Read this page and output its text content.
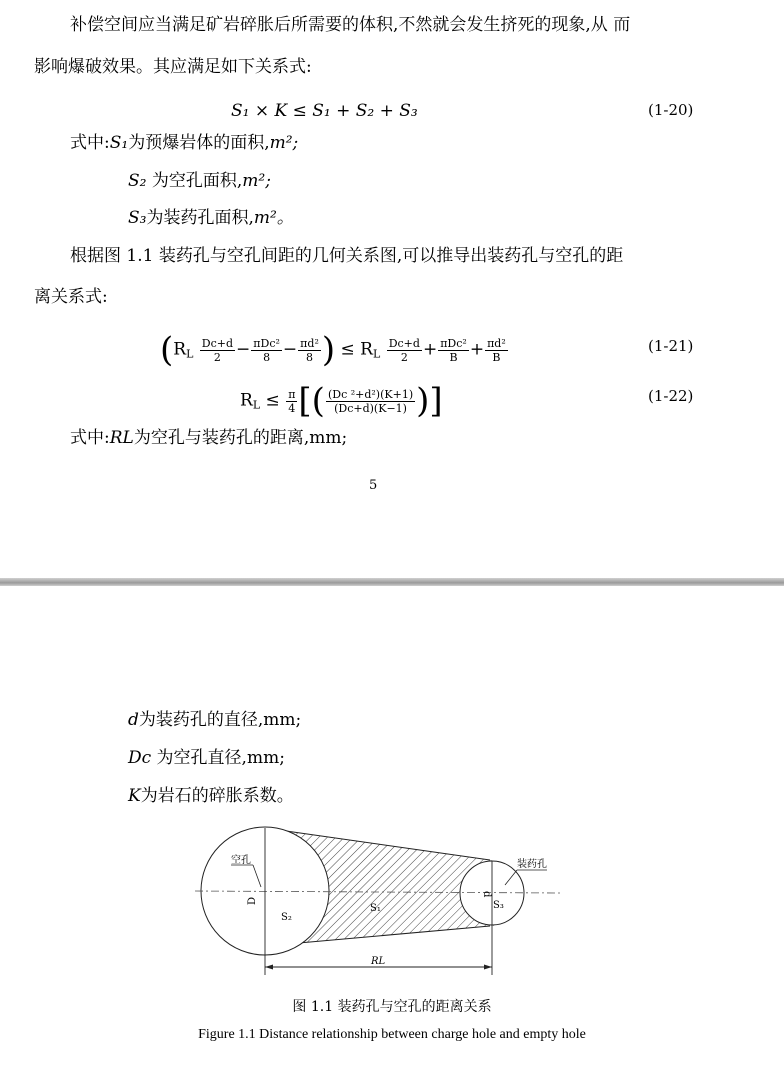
补偿空间应当满足矿岩碎胀后所需要的体积,不然就会发生挤死的现象,从 而
影响爆破效果。其应满足如下关系式:
S₁ × K ≤ S₁ + S₂ + S₃	(1-20)
式中:S₁为预爆岩体的面积,m²;
S₂ 为空孔面积,m²;
S₃为装药孔面积,m²。
根据图 1.1 装药孔与空孔间距的几何关系图,可以推导出装药孔与空孔的距
离关系式:
($R_L \frac{Dc+d}{2} - \frac{\text{πDc²}}{8} - \frac{\text{πd²}}{8}$ ) ≤ $R_L \frac{Dc+d}{2} + \frac{\text{πDc²}}{B} + \frac{\text{πd²}}{B}$	(1-21)
$R_L \le \frac{\pi}{4}$ [( $\frac{\text{(Dc ²+d²)(K+1)}}{(Dc+d)(K-1)}$ )]	(1-22)
式中:RL为空孔与装药孔的距离,mm;
5
d为装药孔的直径,mm;
Dc 为空孔直径,mm;
K为岩石的碎胀系数。
空孔	装药孔
D
d
S₂
S₁	S₃
RL
图 1.1 装药孔与空孔的距离关系
Figure 1.1 Distance relationship between charge hole and empty hole
